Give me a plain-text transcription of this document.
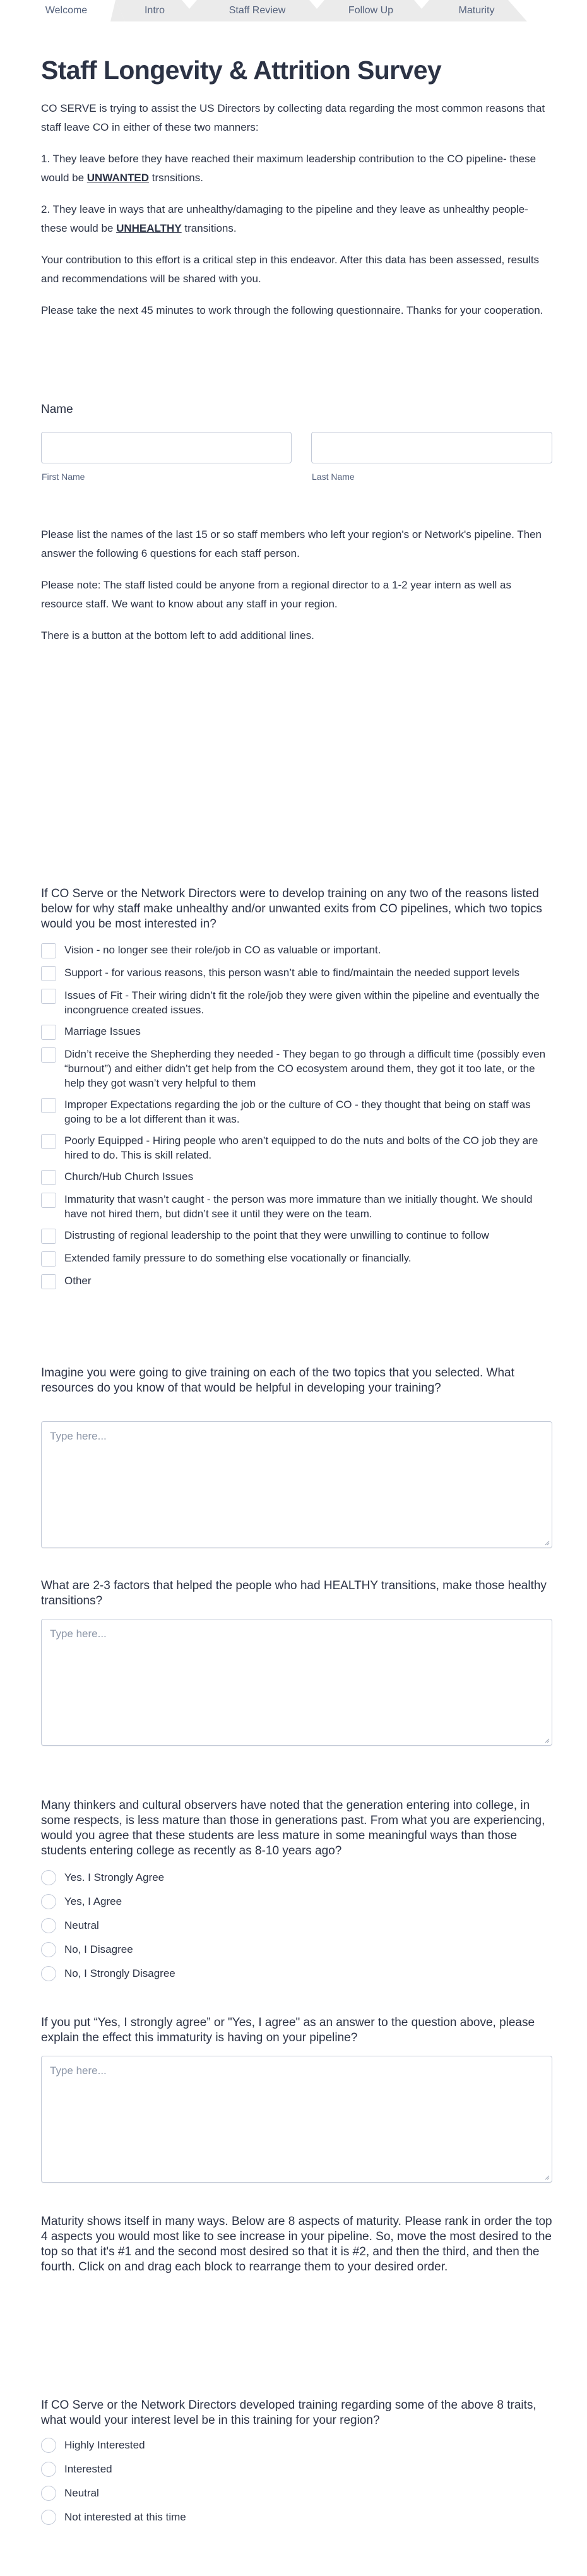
Welcome	Intro	Staff Review	Follow Up	Maturity
Staff Longevity & Attrition Survey

CO SERVE is trying to assist the US Directors by collecting data regarding the most common reasons that staff leave CO in either of these two manners:

1. They leave before they have reached their maximum leadership contribution to the CO pipeline- these would be UNWANTED trsnsitions.

2. They leave in ways that are unhealthy/damaging to the pipeline and they leave as unhealthy people- these would be UNHEALTHY transitions.

Your contribution to this effort is a critical step in this endeavor. After this data has been assessed, results and recommendations will be shared with you.

Please take the next 45 minutes to work through the following questionnaire. Thanks for your cooperation.

Name
First Name	Last Name

Please list the names of the last 15 or so staff members who left your region's or Network's pipeline. Then answer the following 6 questions for each staff person.

Please note: The staff listed could be anyone from a regional director to a 1-2 year intern as well as resource staff. We want to know about any staff in your region.

There is a button at the bottom left to add additional lines.

If CO Serve or the Network Directors were to develop training on any two of the reasons listed below for why staff make unhealthy and/or unwanted exits from CO pipelines, which two topics would you be most interested in?
Vision - no longer see their role/job in CO as valuable or important.
Support - for various reasons, this person wasn’t able to find/maintain the needed support levels
Issues of Fit - Their wiring didn’t fit the role/job they were given within the pipeline and eventually the incongruence created issues.
Marriage Issues
Didn’t receive the Shepherding they needed - They began to go through a difficult time (possibly even “burnout”) and either didn’t get help from the CO ecosystem around them, they got it too late, or the help they got wasn’t very helpful to them
Improper Expectations regarding the job or the culture of CO - they thought that being on staff was going to be a lot different than it was.
Poorly Equipped - Hiring people who aren’t equipped to do the nuts and bolts of the CO job they are hired to do. This is skill related.
Church/Hub Church Issues
Immaturity that wasn’t caught - the person was more immature than we initially thought. We should have not hired them, but didn’t see it until they were on the team.
Distrusting of regional leadership to the point that they were unwilling to continue to follow
Extended family pressure to do something else vocationally or financially.
Other
Imagine you were going to give training on each of the two topics that you selected. What resources do you know of that would be helpful in developing your training?
Type here...
What are 2-3 factors that helped the people who had HEALTHY transitions, make those healthy transitions?
Type here...
Many thinkers and cultural observers have noted that the generation entering into college, in some respects, is less mature than those in generations past. From what you are experiencing, would you agree that these students are less mature in some meaningful ways than those students entering college as recently as 8-10 years ago?
Yes. I Strongly Agree
Yes, I Agree
Neutral
No, I Disagree
No, I Strongly Disagree
If you put “Yes, I strongly agree” or "Yes, I agree" as an answer to the question above, please explain the effect this immaturity is having on your pipeline?
Type here...
Maturity shows itself in many ways. Below are 8 aspects of maturity. Please rank in order the top 4 aspects you would most like to see increase in your pipeline. So, move the most desired to the top so that it's #1 and the second most desired so that it is #2, and then the third, and then the fourth. Click on and drag each block to rearrange them to your desired order.
If CO Serve or the Network Directors developed training regarding some of the above 8 traits, what would your interest level be in this training for your region?
Highly Interested
Interested
Neutral
Not interested at this time
